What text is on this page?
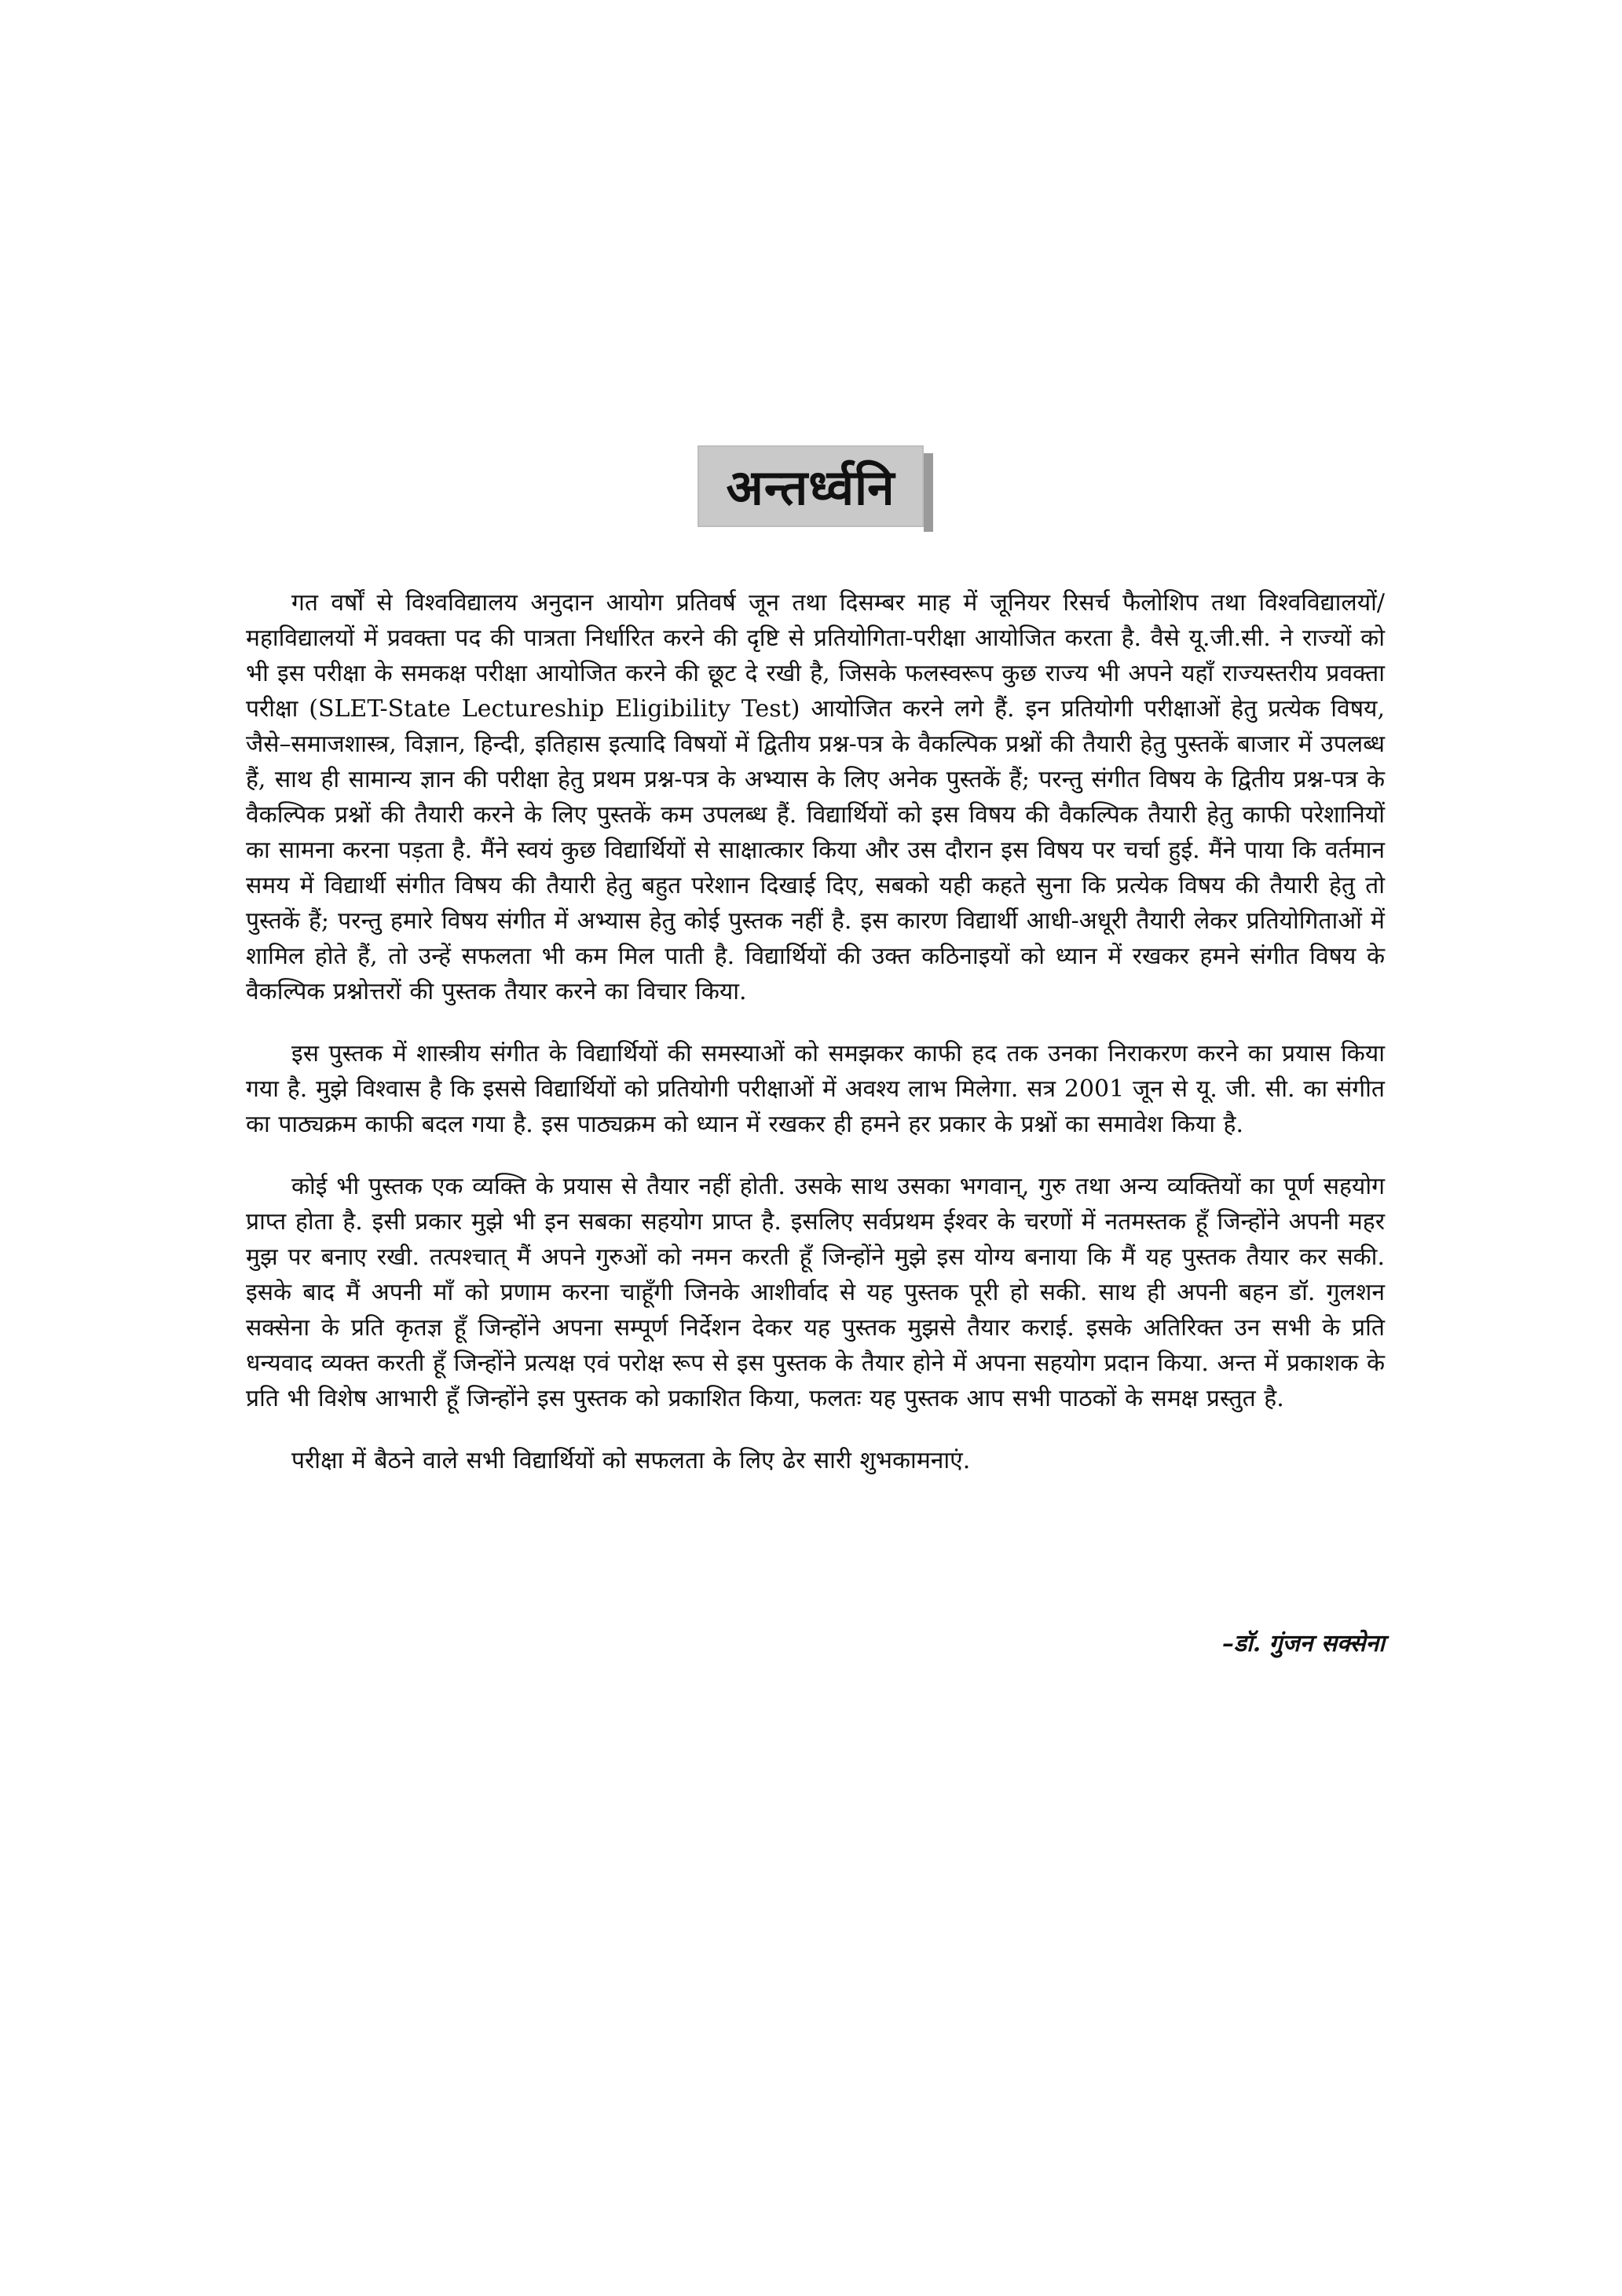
अन्तर्ध्वनि

गत वर्षों से विश्वविद्यालय अनुदान आयोग प्रतिवर्ष जून तथा दिसम्बर माह में जूनियर रिसर्च फैलोशिप तथा विश्वविद्यालयों/महाविद्यालयों में प्रवक्ता पद की पात्रता निर्धारित करने की दृष्टि से प्रतियोगिता-परीक्षा आयोजित करता है. वैसे यू.जी.सी. ने राज्यों को भी इस परीक्षा के समकक्ष परीक्षा आयोजित करने की छूट दे रखी है, जिसके फलस्वरूप कुछ राज्य भी अपने यहाँ राज्यस्तरीय प्रवक्ता परीक्षा (SLET-State Lectureship Eligibility Test) आयोजित करने लगे हैं. इन प्रतियोगी परीक्षाओं हेतु प्रत्येक विषय, जैसे–समाजशास्त्र, विज्ञान, हिन्दी, इतिहास इत्यादि विषयों में द्वितीय प्रश्न-पत्र के वैकल्पिक प्रश्नों की तैयारी हेतु पुस्तकें बाजार में उपलब्ध हैं, साथ ही सामान्य ज्ञान की परीक्षा हेतु प्रथम प्रश्न-पत्र के अभ्यास के लिए अनेक पुस्तकें हैं; परन्तु संगीत विषय के द्वितीय प्रश्न-पत्र के वैकल्पिक प्रश्नों की तैयारी करने के लिए पुस्तकें कम उपलब्ध हैं. विद्यार्थियों को इस विषय की वैकल्पिक तैयारी हेतु काफी परेशानियों का सामना करना पड़ता है. मैंने स्वयं कुछ विद्यार्थियों से साक्षात्कार किया और उस दौरान इस विषय पर चर्चा हुई. मैंने पाया कि वर्तमान समय में विद्यार्थी संगीत विषय की तैयारी हेतु बहुत परेशान दिखाई दिए, सबको यही कहते सुना कि प्रत्येक विषय की तैयारी हेतु तो पुस्तकें हैं; परन्तु हमारे विषय संगीत में अभ्यास हेतु कोई पुस्तक नहीं है. इस कारण विद्यार्थी आधी-अधूरी तैयारी लेकर प्रतियोगिताओं में शामिल होते हैं, तो उन्हें सफलता भी कम मिल पाती है. विद्यार्थियों की उक्त कठिनाइयों को ध्यान में रखकर हमने संगीत विषय के वैकल्पिक प्रश्नोत्तरों की पुस्तक तैयार करने का विचार किया.

इस पुस्तक में शास्त्रीय संगीत के विद्यार्थियों की समस्याओं को समझकर काफी हद तक उनका निराकरण करने का प्रयास किया गया है. मुझे विश्वास है कि इससे विद्यार्थियों को प्रतियोगी परीक्षाओं में अवश्य लाभ मिलेगा. सत्र 2001 जून से यू. जी. सी. का संगीत का पाठ्यक्रम काफी बदल गया है. इस पाठ्यक्रम को ध्यान में रखकर ही हमने हर प्रकार के प्रश्नों का समावेश किया है.

कोई भी पुस्तक एक व्यक्ति के प्रयास से तैयार नहीं होती. उसके साथ उसका भगवान्, गुरु तथा अन्य व्यक्तियों का पूर्ण सहयोग प्राप्त होता है. इसी प्रकार मुझे भी इन सबका सहयोग प्राप्त है. इसलिए सर्वप्रथम ईश्वर के चरणों में नतमस्तक हूँ जिन्होंने अपनी महर मुझ पर बनाए रखी. तत्पश्चात् मैं अपने गुरुओं को नमन करती हूँ जिन्होंने मुझे इस योग्य बनाया कि मैं यह पुस्तक तैयार कर सकी. इसके बाद मैं अपनी माँ को प्रणाम करना चाहूँगी जिनके आशीर्वाद से यह पुस्तक पूरी हो सकी. साथ ही अपनी बहन डॉ. गुलशन सक्सेना के प्रति कृतज्ञ हूँ जिन्होंने अपना सम्पूर्ण निर्देशन देकर यह पुस्तक मुझसे तैयार कराई. इसके अतिरिक्त उन सभी के प्रति धन्यवाद व्यक्त करती हूँ जिन्होंने प्रत्यक्ष एवं परोक्ष रूप से इस पुस्तक के तैयार होने में अपना सहयोग प्रदान किया. अन्त में प्रकाशक के प्रति भी विशेष आभारी हूँ जिन्होंने इस पुस्तक को प्रकाशित किया, फलतः यह पुस्तक आप सभी पाठकों के समक्ष प्रस्तुत है.

परीक्षा में बैठने वाले सभी विद्यार्थियों को सफलता के लिए ढेर सारी शुभकामनाएं.

–डॉ. गुंजन सक्सेना
